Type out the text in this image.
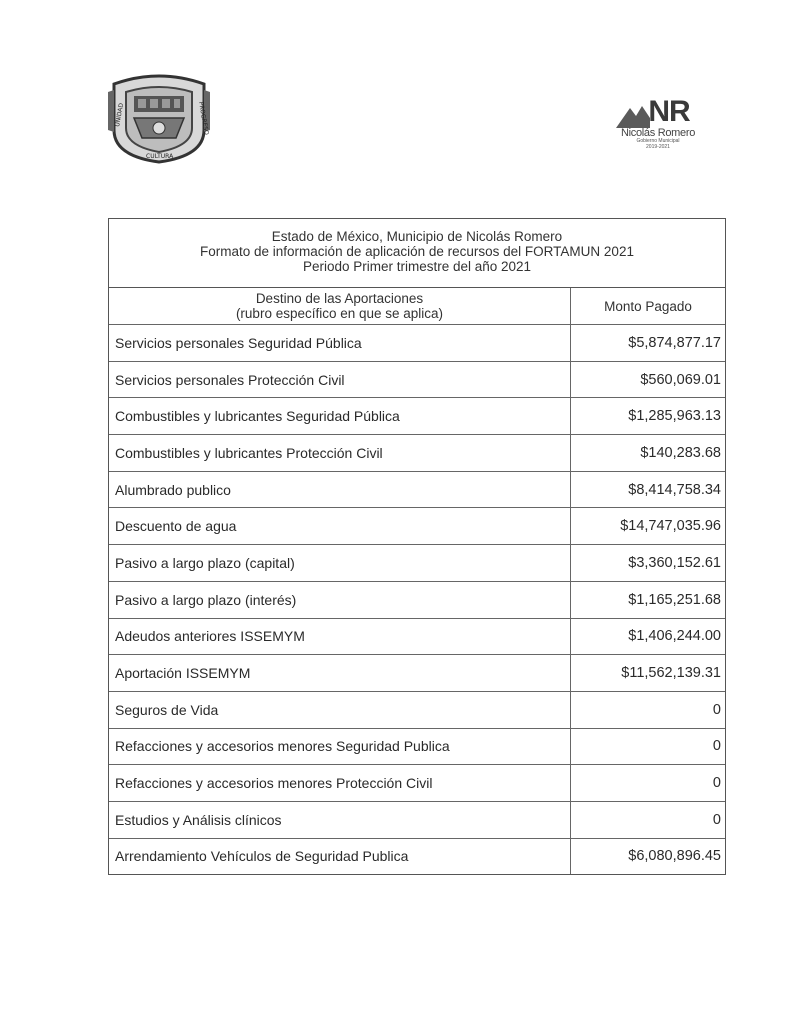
UNIDAD
CULTURA
PROGRESO	NR
Nicolás Romero
Gobierno Municipal
2019-2021
Estado de México, Municipio de Nicolás Romero
Formato de información de aplicación de recursos del FORTAMUN 2021
Periodo Primer trimestre del año 2021
Destino de las Aportaciones
(rubro específico en que se aplica)	Monto Pagado
Servicios personales Seguridad Pública	$5,874,877.17
Servicios personales Protección Civil	$560,069.01
Combustibles y lubricantes Seguridad Pública	$1,285,963.13
Combustibles y lubricantes Protección Civil	$140,283.68
Alumbrado publico	$8,414,758.34
Descuento de agua	$14,747,035.96
Pasivo a largo plazo (capital)	$3,360,152.61
Pasivo a largo plazo (interés)	$1,165,251.68
Adeudos anteriores ISSEMYM	$1,406,244.00
Aportación ISSEMYM	$11,562,139.31
Seguros de Vida	0
Refacciones y accesorios menores Seguridad Publica	0
Refacciones y accesorios menores Protección Civil	0
Estudios y Análisis clínicos	0
Arrendamiento Vehículos de Seguridad Publica	$6,080,896.45
